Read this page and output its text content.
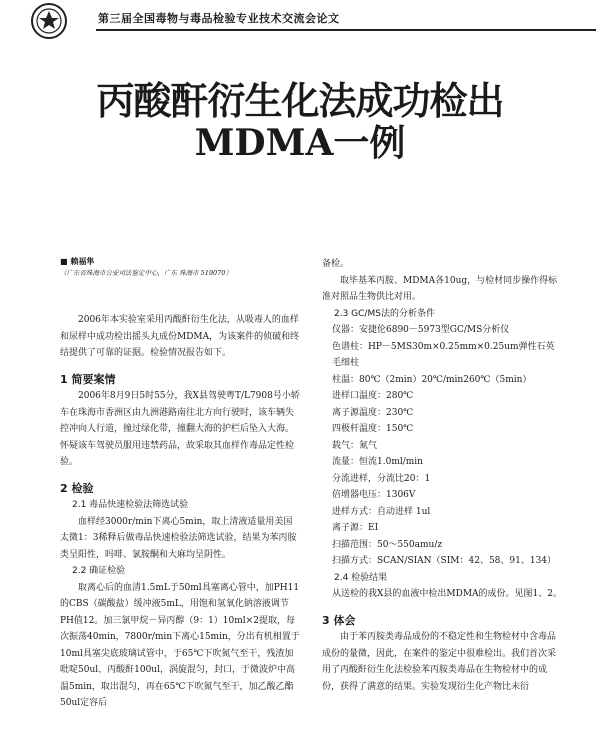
第三届全国毒物与毒品检验专业技术交流会论文
丙酸酐衍生化法成功检出
MDMA一例
■ 赖福隼
（广东省珠海市公安司法鉴定中心，广东 珠海市 519070）

2006年本实验室采用丙酸酐衍生化法，从吸毒人的血样和尿样中成功检出摇头丸成份MDMA，为该案件的侦破和终结提供了可靠的证据。检验情况报告如下。

1 简要案情

2006年8月9日5时55分，我X县驾驶粤T/L7908号小轿车在珠海市香洲区由九洲港路南往北方向行驶时，该车辆失控冲向人行道，撞过绿化带，撞翻大海的护栏后坠入大海。怀疑该车驾驶员服用违禁药品，故采取其血样作毒品定性检验。

2 检验

2.1 毒品快速检验法筛选试验

血样经3000r/min下离心5min，取上清液适量用美国太微1：3稀释后做毒品快速检验法筛选试验，结果为苯丙胺类呈阳性，吗啡、氯胺酮和大麻均呈阴性。

2.2 确证检验

取离心后的血清1.5mL于50ml具塞离心管中，加PH11的CBS（碳酸盐）缓冲液5mL，用饱和氢氧化钠溶液调节PH值12。加三氯甲烷－异丙醇（9：1）10ml×2提取，每次振荡40min，7800r/min下离心15min，分出有机相置于10ml具塞尖底玻璃试管中，于65℃下吹氮气至干，残渣加吡啶50ul、丙酸酐100ul，涡旋混匀，封口，于微波炉中高温5min，取出混匀，再在65℃下吹氮气至干，加乙酸乙酯50ul定容后

备检。

取毕基苯丙胺、MDMA各10ug，与检材同步操作得标准对照品生物供比对用。

2.3 GC/MS法的分析条件

仪器：安捷伦6890－5973型GC/MS分析仪

色谱柱：HP－5MS30m×0.25mm×0.25um弹性石英毛细柱

柱温：80℃（2min）20℃/min260℃（5min）

进样口温度：280℃

离子源温度：230℃

四极杆温度：150℃

载气：氮气

流量：恒流1.0ml/min

分流进样，分流比20：1

倍增器电压：1306V

进样方式：自动进样 1ul

离子源：EI

扫描范围：50～550amu/z

扫描方式：SCAN/SIAN（SIM：42、58、91、134）

2.4 检验结果

从送检的我X县的血液中检出MDMA的成份。见图1、2。

3 体会

由于苯丙胺类毒品成份的不稳定性和生物检材中含毒品成份的量微，因此，在案件的鉴定中很难检出。我们首次采用了丙酸酐衍生化法检验苯丙胺类毒品在生物检材中的成份，获得了满意的结果。实验发现衍生化产物比未衍
